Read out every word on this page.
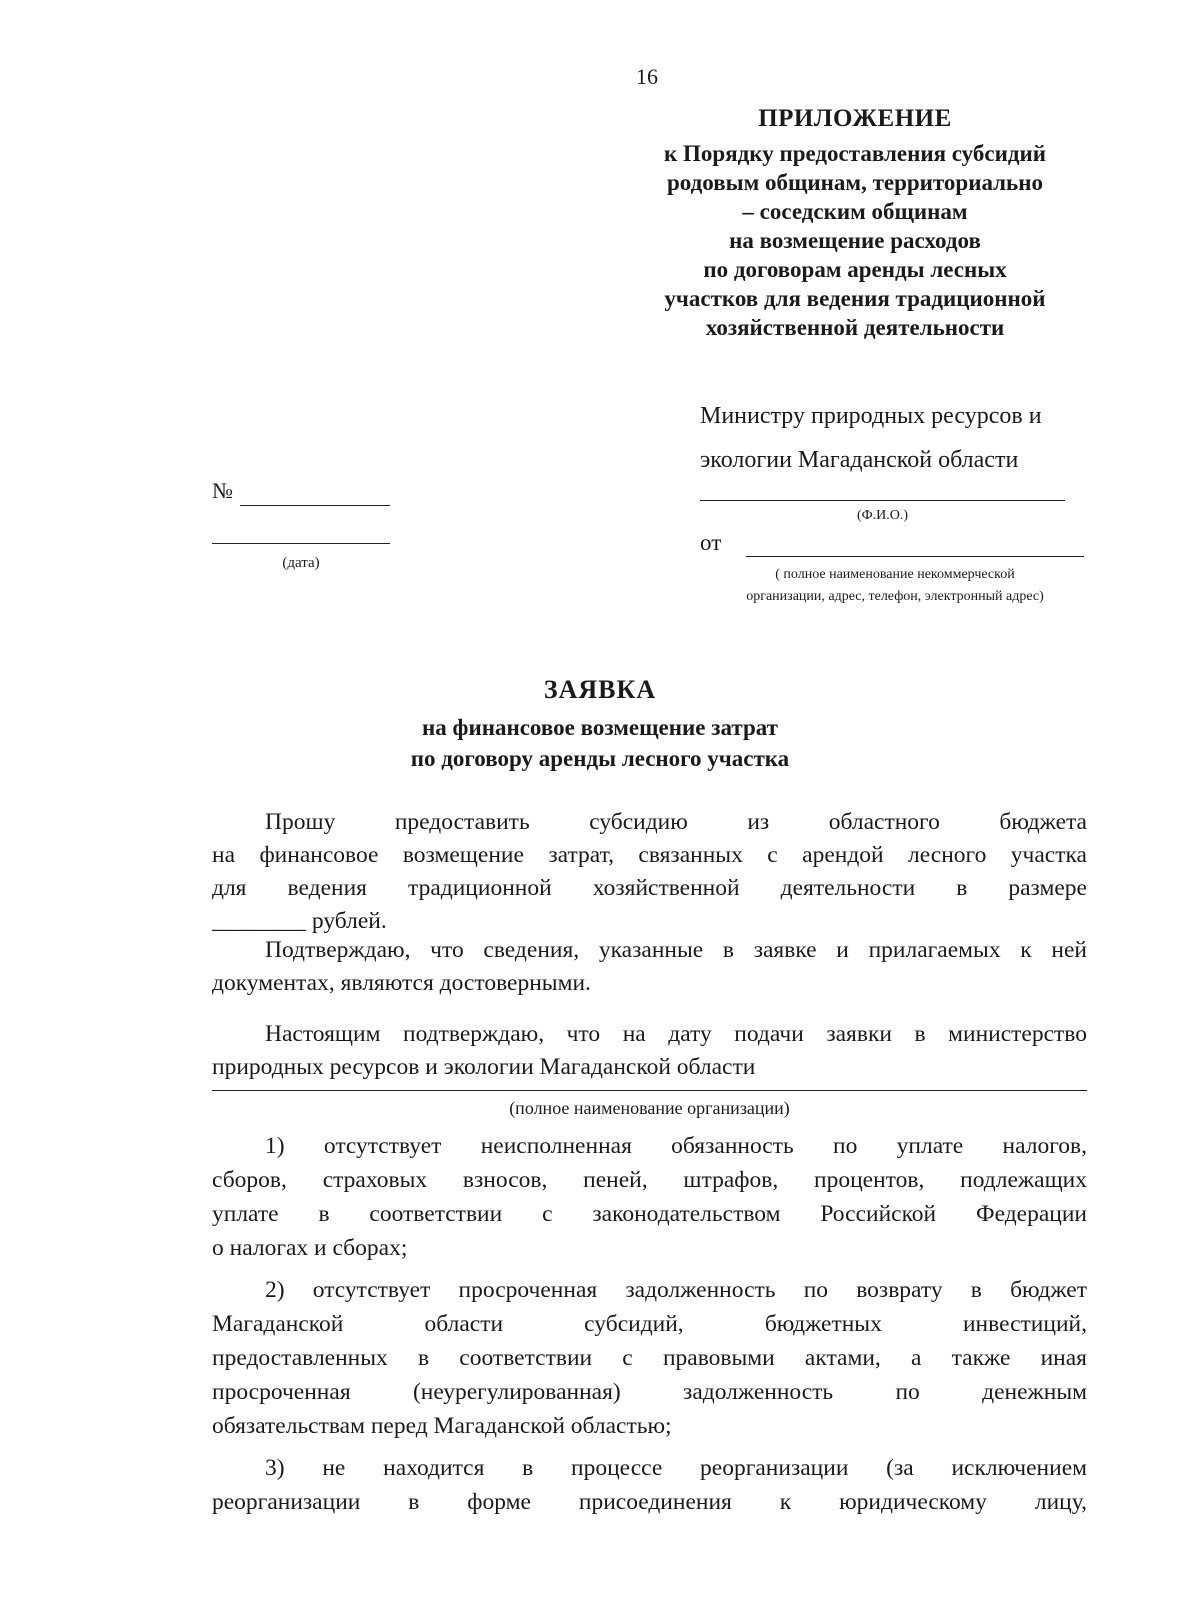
16
ПРИЛОЖЕНИЕ
к Порядку предоставления субсидий
родовым общинам, территориально
– соседским общинам
на возмещение расходов
по договорам аренды лесных
участков для ведения традиционной
хозяйственной деятельности
Министру природных ресурсов и
экологии Магаданской области
(Ф.И.О.)
от
( полное наименование некоммерческой
организации, адрес, телефон, электронный адрес)
№
(дата)
ЗАЯВКА
на финансовое возмещение затрат
по договору аренды лесного участка

Прошу предоставить субсидию из областного бюджета

на финансовое возмещение затрат, связанных с арендой лесного участка

для ведения традиционной хозяйственной деятельности в размере

________ рублей.

Подтверждаю, что сведения, указанные в заявке и прилагаемых к ней

документах, являются достоверными.

Настоящим подтверждаю, что на дату подачи заявки в министерство

природных ресурсов и экологии Магаданской области

(полное наименование организации)

1) отсутствует неисполненная обязанность по уплате налогов,

сборов, страховых взносов, пеней, штрафов, процентов, подлежащих

уплате в соответствии с законодательством Российской Федерации

о налогах и сборах;

2) отсутствует просроченная задолженность по возврату в бюджет

Магаданской области субсидий, бюджетных инвестиций,

предоставленных в соответствии с правовыми актами, а также иная

просроченная (неурегулированная) задолженность по денежным

обязательствам перед Магаданской областью;

3) не находится в процессе реорганизации (за исключением

реорганизации в форме присоединения к юридическому лицу,
